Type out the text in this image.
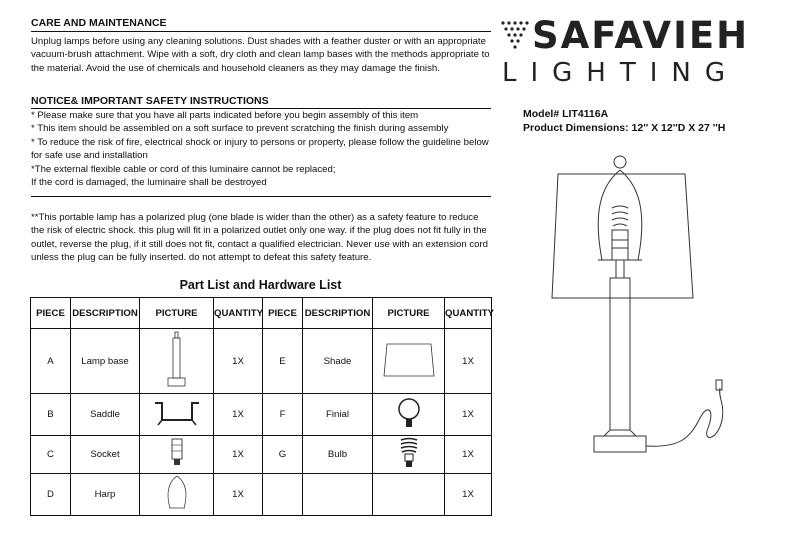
CARE AND MAINTENANCE
Unplug lamps before using any cleaning solutions. Dust shades with a feather duster or with an appropriate
vacuum-brush attachment. Wipe with a soft, dry cloth and clean lamp bases with the methods appropriate to
the material. Avoid the use of chemicals and household cleaners as they may damage the finish.
NOTICE& IMPORTANT SAFETY INSTRUCTIONS
* Please make sure that you have all parts indicated before you begin assembly of this item
* This item should be assembled on a soft surface to prevent scratching the finish during assembly
* To reduce the risk of fire, electrical shock or injury to persons or property, please follow the guideline below
for safe use and installation
*The external flexible cable or cord of this luminaire cannot be replaced;
If the cord is damaged, the luminaire shall be destroyed
**This portable lamp has a polarized plug (one blade is wider than the other) as a safety feature to reduce
the risk of electric shock. this plug will fit in a polarized outlet only one way. if the plug does not fit fully in the
outlet, reverse the plug, if it still does not fit, contact a qualified electrician. Never use with an extension cord
unless the plug can be fully inserted. do not attempt to defeat this safety feature.
Part List and Hardware List
PIECE	DESCRIPTION	PICTURE	QUANTITY	PIECE	DESCRIPTION	PICTURE	QUANTITY
A	Lamp base		1X	E	Shade		1X
B	Saddle		1X	F	Finial		1X
C	Socket		1X	G	Bulb		1X
D	Harp		1X				1X
SAFAVIEH
LIGHTING
Model# LIT4116A
Product Dimensions: 12'' X 12''D X 27 ''H
